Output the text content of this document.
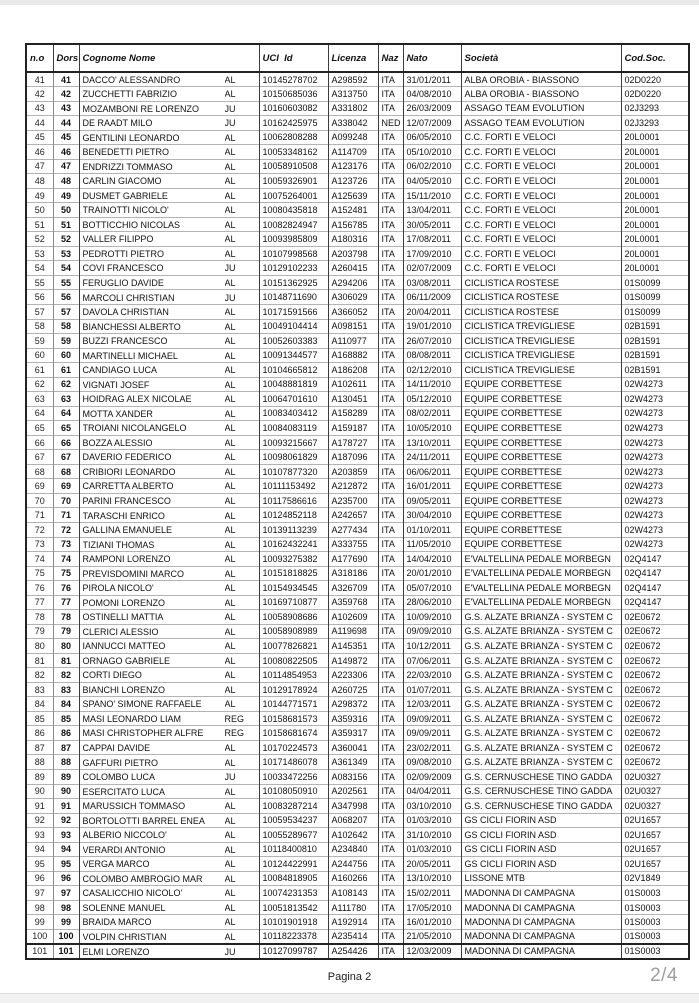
n.o	Dors	Cognome Nome	UCI  Id	Licenza	Naz	Nato	Società	Cod.Soc.
41	41	DACCO' ALESSANDRO AL	10145278702	A298592	ITA	31/01/2011	ALBA OROBIA - BIASSONO	02D0220
42	42	ZUCCHETTI FABRIZIO AL	10150685036	A313750	ITA	04/08/2010	ALBA OROBIA - BIASSONO	02D0220
43	43	MOZAMBONI RE LORENZO JU	10160603082	A331802	ITA	26/03/2009	ASSAGO TEAM EVOLUTION	02J3293
44	44	DE RAADT MILO JU	10162425975	A338042	NED	12/07/2009	ASSAGO TEAM EVOLUTION	02J3293
45	45	GENTILINI LEONARDO AL	10062808288	A099248	ITA	06/05/2010	C.C. FORTI E VELOCI	20L0001
46	46	BENEDETTI PIETRO AL	10053348162	A114709	ITA	05/10/2010	C.C. FORTI E VELOCI	20L0001
47	47	ENDRIZZI TOMMASO AL	10058910508	A123176	ITA	06/02/2010	C.C. FORTI E VELOCI	20L0001
48	48	CARLIN GIACOMO AL	10059326901	A123726	ITA	04/05/2010	C.C. FORTI E VELOCI	20L0001
49	49	DUSMET GABRIELE AL	10075264001	A125639	ITA	15/11/2010	C.C. FORTI E VELOCI	20L0001
50	50	TRAINOTTI NICOLO' AL	10080435818	A152481	ITA	13/04/2011	C.C. FORTI E VELOCI	20L0001
51	51	BOTTICCHIO NICOLAS AL	10082824947	A156785	ITA	30/05/2011	C.C. FORTI E VELOCI	20L0001
52	52	VALLER FILIPPO AL	10093985809	A180316	ITA	17/08/2011	C.C. FORTI E VELOCI	20L0001
53	53	PEDROTTI PIETRO AL	10107998568	A203798	ITA	17/09/2010	C.C. FORTI E VELOCI	20L0001
54	54	COVI FRANCESCO JU	10129102233	A260415	ITA	02/07/2009	C.C. FORTI E VELOCI	20L0001
55	55	FERUGLIO DAVIDE AL	10151362925	A294206	ITA	03/08/2011	CICLISTICA ROSTESE	01S0099
56	56	MARCOLI CHRISTIAN JU	10148711690	A306029	ITA	06/11/2009	CICLISTICA ROSTESE	01S0099
57	57	DAVOLA CHRISTIAN AL	10171591566	A366052	ITA	20/04/2011	CICLISTICA ROSTESE	01S0099
58	58	BIANCHESSI ALBERTO AL	10049104414	A098151	ITA	19/01/2010	CICLISTICA TREVIGLIESE	02B1591
59	59	BUZZI FRANCESCO AL	10052603383	A110977	ITA	26/07/2010	CICLISTICA TREVIGLIESE	02B1591
60	60	MARTINELLI MICHAEL AL	10091344577	A168882	ITA	08/08/2011	CICLISTICA TREVIGLIESE	02B1591
61	61	CANDIAGO LUCA AL	10104665812	A186208	ITA	02/12/2010	CICLISTICA TREVIGLIESE	02B1591
62	62	VIGNATI JOSEF AL	10048881819	A102611	ITA	14/11/2010	EQUIPE CORBETTESE	02W4273
63	63	HOIDRAG ALEX NICOLAE AL	10064701610	A130451	ITA	05/12/2010	EQUIPE CORBETTESE	02W4273
64	64	MOTTA XANDER AL	10083403412	A158289	ITA	08/02/2011	EQUIPE CORBETTESE	02W4273
65	65	TROIANI NICOLANGELO AL	10084083119	A159187	ITA	10/05/2010	EQUIPE CORBETTESE	02W4273
66	66	BOZZA ALESSIO AL	10093215667	A178727	ITA	13/10/2011	EQUIPE CORBETTESE	02W4273
67	67	DAVERIO FEDERICO AL	10098061829	A187096	ITA	24/11/2011	EQUIPE CORBETTESE	02W4273
68	68	CRIBIORI LEONARDO AL	10107877320	A203859	ITA	06/06/2011	EQUIPE CORBETTESE	02W4273
69	69	CARRETTA ALBERTO AL	10111153492	A212872	ITA	16/01/2011	EQUIPE CORBETTESE	02W4273
70	70	PARINI FRANCESCO AL	10117586616	A235700	ITA	09/05/2011	EQUIPE CORBETTESE	02W4273
71	71	TARASCHI ENRICO AL	10124852118	A242657	ITA	30/04/2010	EQUIPE CORBETTESE	02W4273
72	72	GALLINA EMANUELE AL	10139113239	A277434	ITA	01/10/2011	EQUIPE CORBETTESE	02W4273
73	73	TIZIANI THOMAS AL	10162432241	A333755	ITA	11/05/2010	EQUIPE CORBETTESE	02W4273
74	74	RAMPONI LORENZO AL	10093275382	A177690	ITA	14/04/2010	E'VALTELLINA PEDALE MORBEGN	02Q4147
75	75	PREVISDOMINI MARCO AL	10151818825	A318186	ITA	20/01/2010	E'VALTELLINA PEDALE MORBEGN	02Q4147
76	76	PIROLA NICOLO' AL	10154934545	A326709	ITA	05/07/2010	E'VALTELLINA PEDALE MORBEGN	02Q4147
77	77	POMONI LORENZO AL	10169710877	A359768	ITA	28/06/2010	E'VALTELLINA PEDALE MORBEGN	02Q4147
78	78	OSTINELLI MATTIA AL	10058908686	A102609	ITA	10/09/2010	G.S. ALZATE BRIANZA - SYSTEM C	02E0672
79	79	CLERICI ALESSIO AL	10058908989	A119698	ITA	09/09/2010	G.S. ALZATE BRIANZA - SYSTEM C	02E0672
80	80	IANNUCCI MATTEO AL	10077826821	A145351	ITA	10/12/2011	G.S. ALZATE BRIANZA - SYSTEM C	02E0672
81	81	ORNAGO GABRIELE AL	10080822505	A149872	ITA	07/06/2011	G.S. ALZATE BRIANZA - SYSTEM C	02E0672
82	82	CORTI DIEGO AL	10114854953	A223306	ITA	22/03/2010	G.S. ALZATE BRIANZA - SYSTEM C	02E0672
83	83	BIANCHI LORENZO AL	10129178924	A260725	ITA	01/07/2011	G.S. ALZATE BRIANZA - SYSTEM C	02E0672
84	84	SPANO' SIMONE RAFFAELE AL	10144771571	A298372	ITA	12/03/2011	G.S. ALZATE BRIANZA - SYSTEM C	02E0672
85	85	MASI LEONARDO LIAM REG	10158681573	A359316	ITA	09/09/2011	G.S. ALZATE BRIANZA - SYSTEM C	02E0672
86	86	MASI CHRISTOPHER ALFRE REG	10158681674	A359317	ITA	09/09/2011	G.S. ALZATE BRIANZA - SYSTEM C	02E0672
87	87	CAPPAI DAVIDE AL	10170224573	A360041	ITA	23/02/2011	G.S. ALZATE BRIANZA - SYSTEM C	02E0672
88	88	GAFFURI PIETRO AL	10171486078	A361349	ITA	09/08/2010	G.S. ALZATE BRIANZA - SYSTEM C	02E0672
89	89	COLOMBO LUCA JU	10033472256	A083156	ITA	02/09/2009	G.S. CERNUSCHESE TINO GADDA	02U0327
90	90	ESERCITATO LUCA AL	10108050910	A202561	ITA	04/04/2011	G.S. CERNUSCHESE TINO GADDA	02U0327
91	91	MARUSSICH TOMMASO AL	10083287214	A347998	ITA	03/10/2010	G.S. CERNUSCHESE TINO GADDA	02U0327
92	92	BORTOLOTTI BARREL ENEA AL	10059534237	A068207	ITA	01/03/2010	GS CICLI FIORIN ASD	02U1657
93	93	ALBERIO NICCOLO' AL	10055289677	A102642	ITA	31/10/2010	GS CICLI FIORIN ASD	02U1657
94	94	VERARDI ANTONIO AL	10118400810	A234840	ITA	01/03/2010	GS CICLI FIORIN ASD	02U1657
95	95	VERGA MARCO AL	10124422991	A244756	ITA	20/05/2011	GS CICLI FIORIN ASD	02U1657
96	96	COLOMBO AMBROGIO MAR AL	10084818905	A160266	ITA	13/10/2010	LISSONE MTB	02V1849
97	97	CASALICCHIO NICOLO' AL	10074231353	A108143	ITA	15/02/2011	MADONNA DI CAMPAGNA	01S0003
98	98	SOLENNE MANUEL AL	10051813542	A111780	ITA	17/05/2010	MADONNA DI CAMPAGNA	01S0003
99	99	BRAIDA MARCO AL	10101901918	A192914	ITA	16/01/2010	MADONNA DI CAMPAGNA	01S0003
100	100	VOLPIN CHRISTIAN AL	10118223378	A235414	ITA	21/05/2010	MADONNA DI CAMPAGNA	01S0003
101	101	ELMI LORENZO JU	10127099787	A254426	ITA	12/03/2009	MADONNA DI CAMPAGNA	01S0003
Pagina 2	2/4
